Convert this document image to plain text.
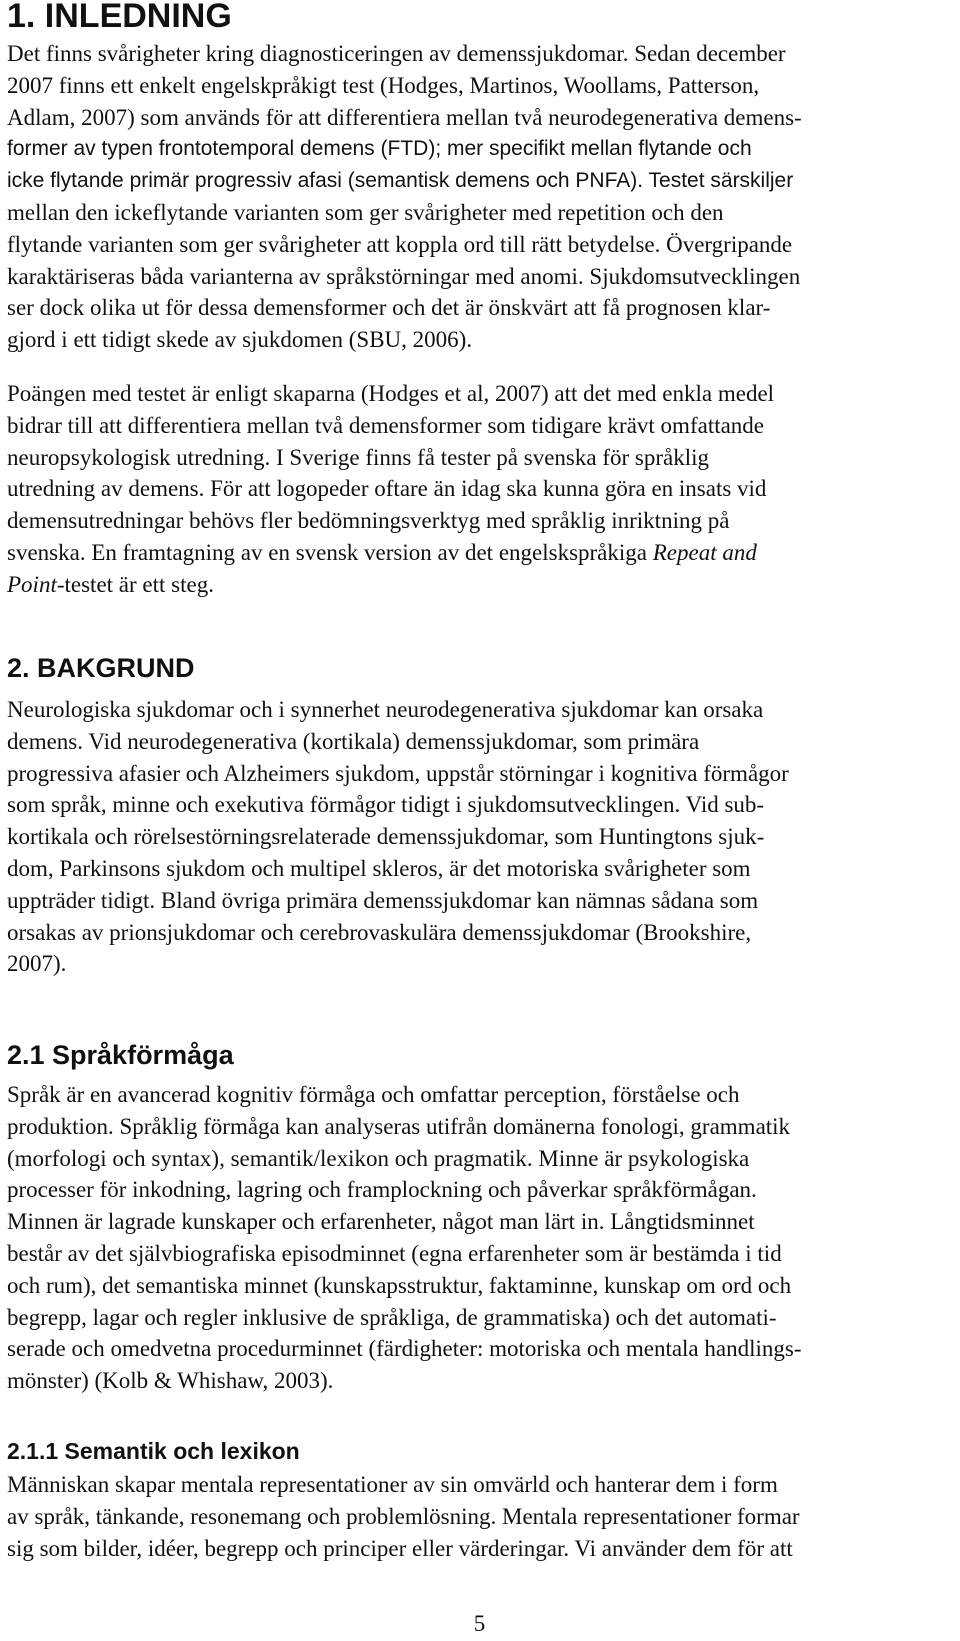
1. INLEDNING
Det finns svårigheter kring diagnosticeringen av demenssjukdomar. Sedan december
2007 finns ett enkelt engelskpråkigt test (Hodges, Martinos, Woollams, Patterson,
Adlam, 2007) som används för att differentiera mellan två neurodegenerativa demens-
former av typen frontotemporal demens (FTD); mer specifikt mellan flytande och
icke flytande primär progressiv afasi (semantisk demens och PNFA). Testet särskiljer
mellan den ickeflytande varianten som ger svårigheter med repetition och den
flytande varianten som ger svårigheter att koppla ord till rätt betydelse. Övergripande
karaktäriseras båda varianterna av språkstörningar med anomi. Sjukdomsutvecklingen
ser dock olika ut för dessa demensformer och det är önskvärt att få prognosen klar-
gjord i ett tidigt skede av sjukdomen (SBU, 2006).
Poängen med testet är enligt skaparna (Hodges et al, 2007) att det med enkla medel
bidrar till att differentiera mellan två demensformer som tidigare krävt omfattande
neuropsykologisk utredning. I Sverige finns få tester på svenska för språklig
utredning av demens. För att logopeder oftare än idag ska kunna göra en insats vid
demensutredningar behövs fler bedömningsverktyg med språklig inriktning på
svenska. En framtagning av en svensk version av det engelskspråkiga Repeat and
Point-testet är ett steg.
2. BAKGRUND
Neurologiska sjukdomar och i synnerhet neurodegenerativa sjukdomar kan orsaka
demens. Vid neurodegenerativa (kortikala) demenssjukdomar, som primära
progressiva afasier och Alzheimers sjukdom, uppstår störningar i kognitiva förmågor
som språk, minne och exekutiva förmågor tidigt i sjukdomsutvecklingen. Vid sub-
kortikala och rörelsestörningsrelaterade demenssjukdomar, som Huntingtons sjuk-
dom, Parkinsons sjukdom och multipel skleros, är det motoriska svårigheter som
uppträder tidigt. Bland övriga primära demenssjukdomar kan nämnas sådana som
orsakas av prionsjukdomar och cerebrovaskulära demenssjukdomar (Brookshire,
2007).
2.1 Språkförmåga
Språk är en avancerad kognitiv förmåga och omfattar perception, förståelse och
produktion. Språklig förmåga kan analyseras utifrån domänerna fonologi, grammatik
(morfologi och syntax), semantik/lexikon och pragmatik. Minne är psykologiska
processer för inkodning, lagring och framplockning och påverkar språkförmågan.
Minnen är lagrade kunskaper och erfarenheter, något man lärt in. Långtidsminnet
består av det självbiografiska episodminnet (egna erfarenheter som är bestämda i tid
och rum), det semantiska minnet (kunskapsstruktur, faktaminne, kunskap om ord och
begrepp, lagar och regler inklusive de språkliga, de grammatiska) och det automati-
serade och omedvetna procedurminnet (färdigheter: motoriska och mentala handlings-
mönster) (Kolb & Whishaw, 2003).
2.1.1 Semantik och lexikon
Människan skapar mentala representationer av sin omvärld och hanterar dem i form
av språk, tänkande, resonemang och problemlösning. Mentala representationer formar
sig som bilder, idéer, begrepp och principer eller värderingar. Vi använder dem för att
5
